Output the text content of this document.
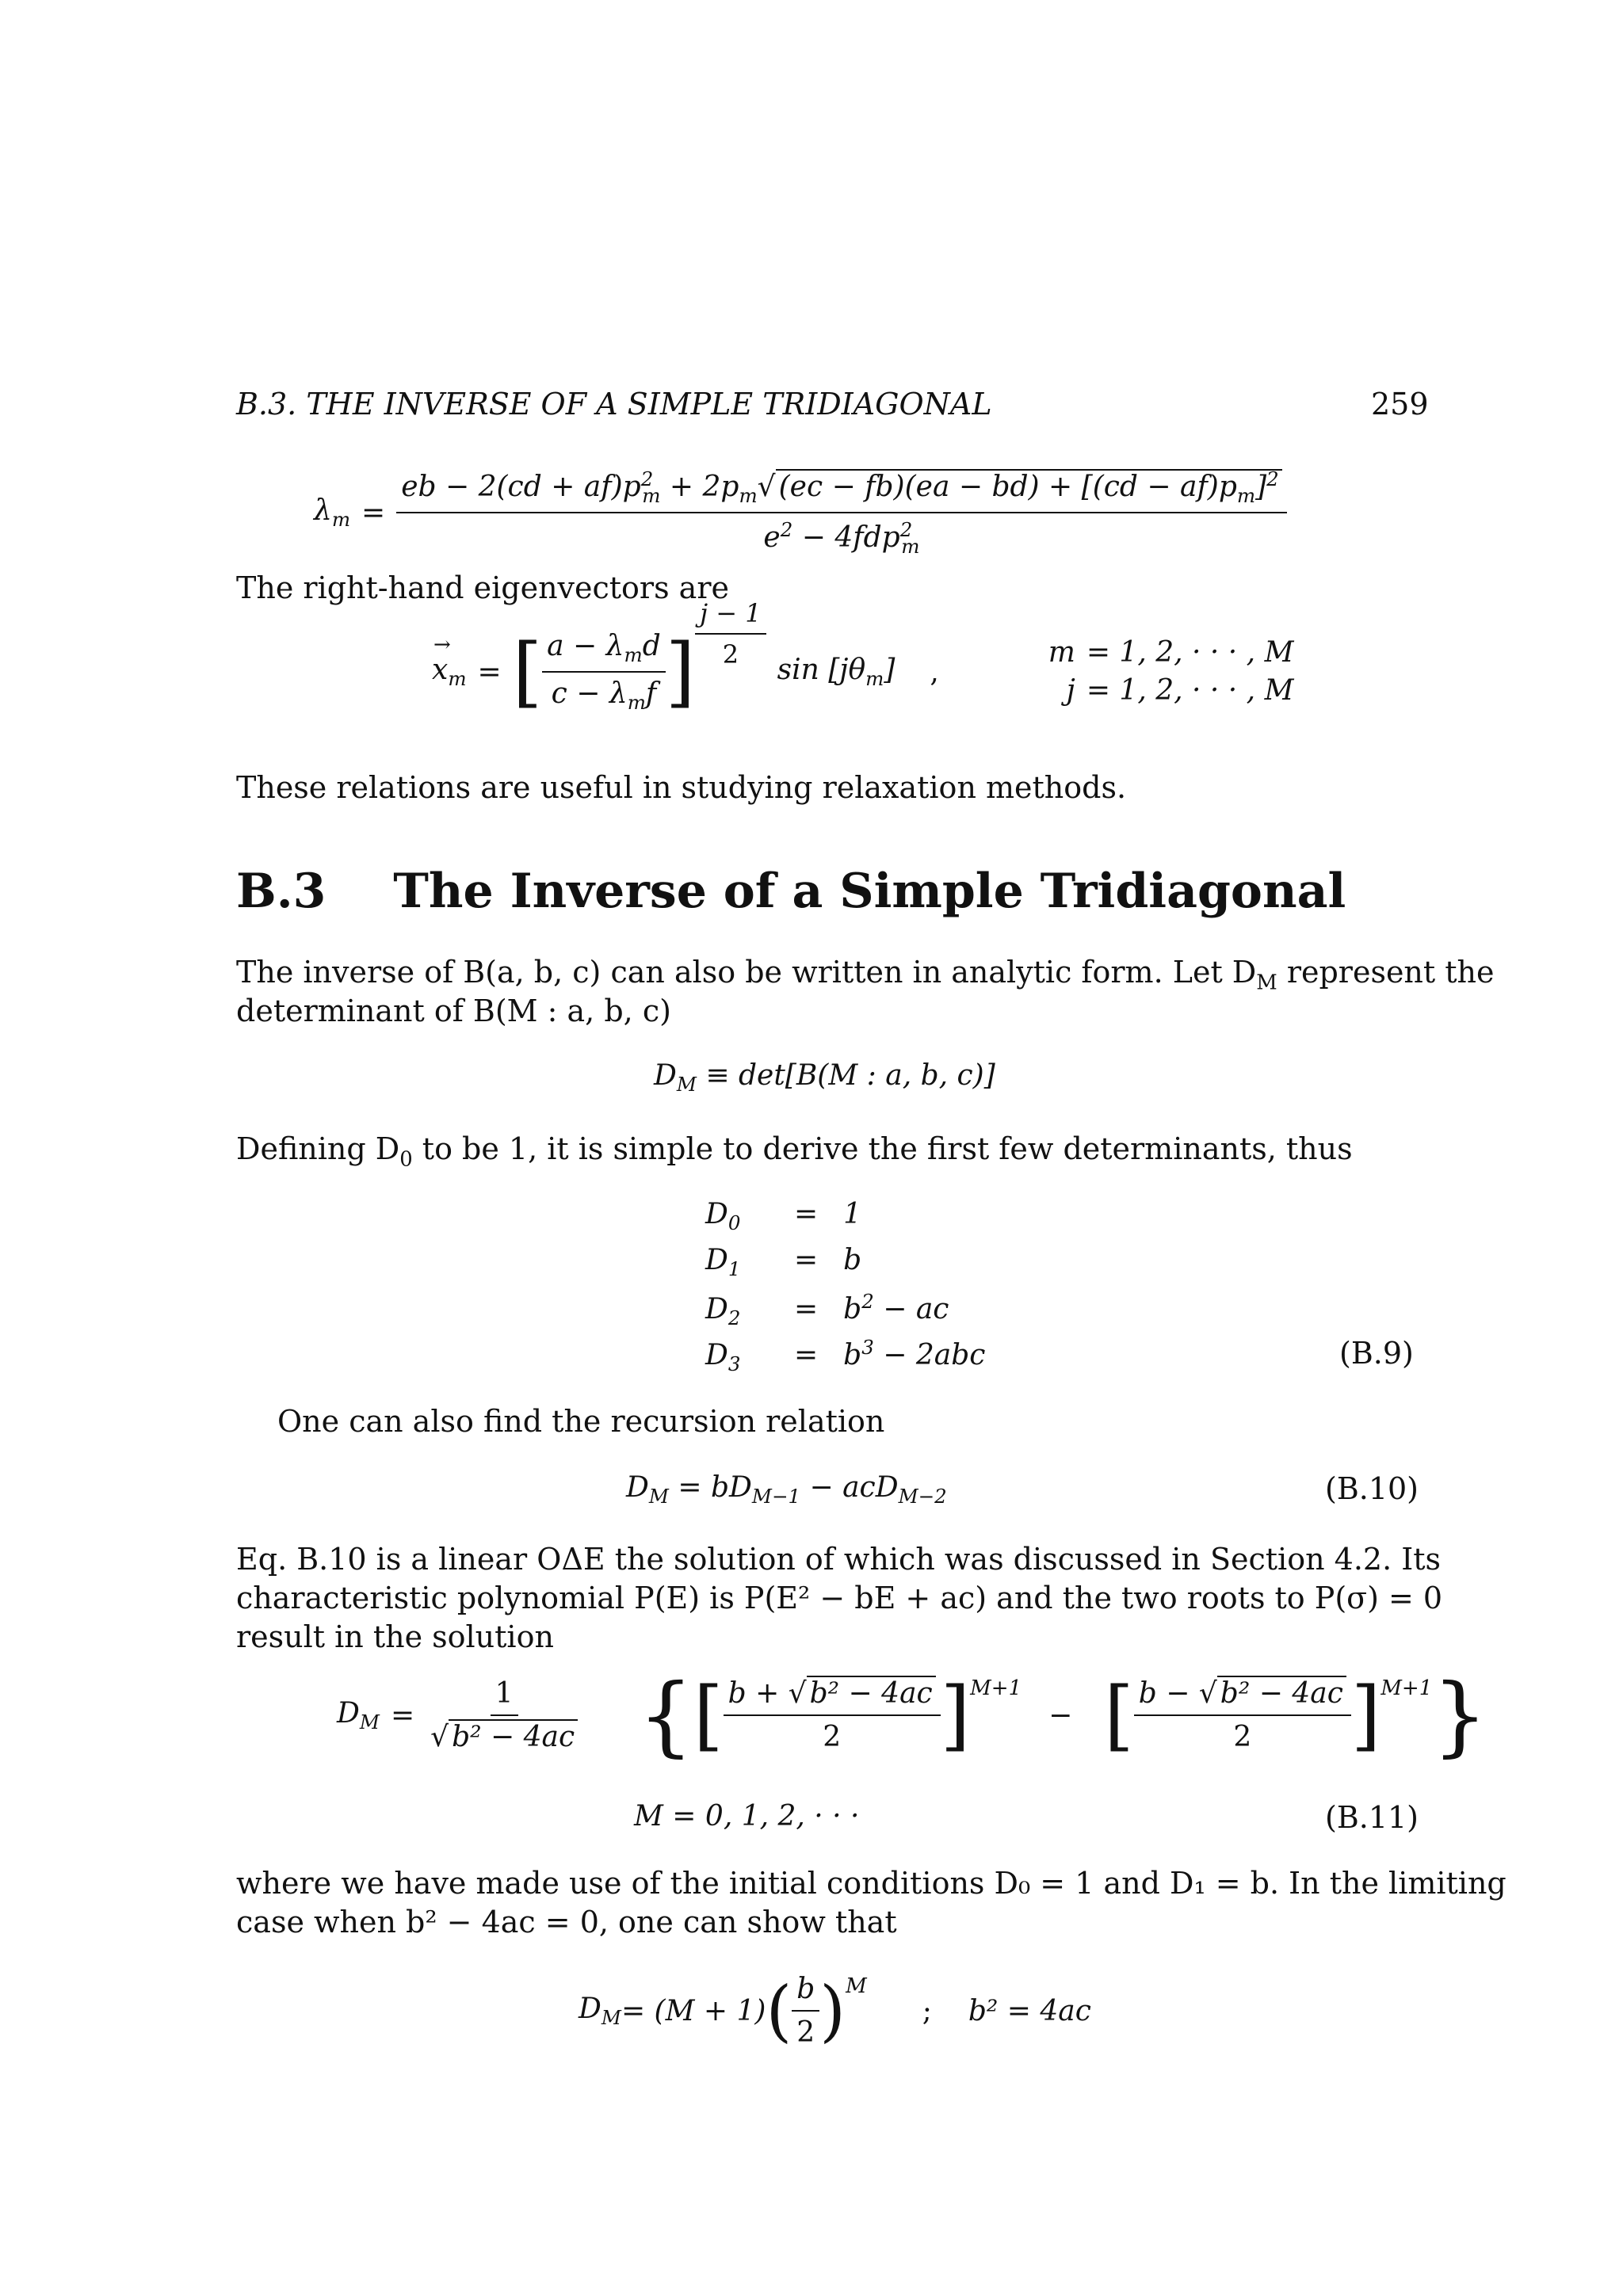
B.3. THE INVERSE OF A SIMPLE TRIDIAGONAL	259
$\lambda_m = \frac{eb - 2(cd + af)p^2_m + 2p_m√ (ec - fb)(ea - bd) + [(cd - af)p_m]^2}{e^2 - 4fdp^2_m}$
The right-hand eigenvectors are
→
$x_m$ = [ $\frac{a - \lambda_md}{c - \lambda_mf}$ ] $\frac{j - 1}{2}$
$\sin [j\theta_m]$ ,
m = 1, 2, · · · , M
j = 1, 2, · · · , M
These relations are useful in studying relaxation methods.
B.3 The Inverse of a Simple Tridiagonal
The inverse of B(a, b, c) can also be written in analytic form. Let $D_M$ represent the
determinant of B(M : a, b, c)
$D_M \equiv \det[B(M$ : a, b, c)]
Defining $D_0$ to be 1, it is simple to derive the first few determinants, thus
$D_0 = 1$
$D_1 = b$
$D_2 = b^2$ − ac
$D_3 = b^3 - 2abc$	(B.9)
One can also find the recursion relation
$D_M = bD_{M-1} - acD_{M-2}$	(B.10)
Eq. B.10 is a linear OΔE the solution of which was discussed in Section 4.2. Its
characteristic polynomial P(E) is P(E² − bE + ac) and the two roots to P(σ) = 0
result in the solution
$D_M = \frac{1}{\text{√ b² − 4ac}}$ { [ $\frac{\text{b + √ b² − 4ac}}{2} ]^{M+1}$
− [ $\frac{\text{b − √ b² − 4ac}}{2} ]^{M+1}$ }
M = 0, 1, 2, · · ·	(B.11)
where we have made use of the initial conditions D₀ = 1 and D₁ = b. In the limiting
case when b² − 4ac = 0, one can show that
$D_M = (M + 1)$ ( $\frac{b}{2} )^M$
; b² = 4ac
